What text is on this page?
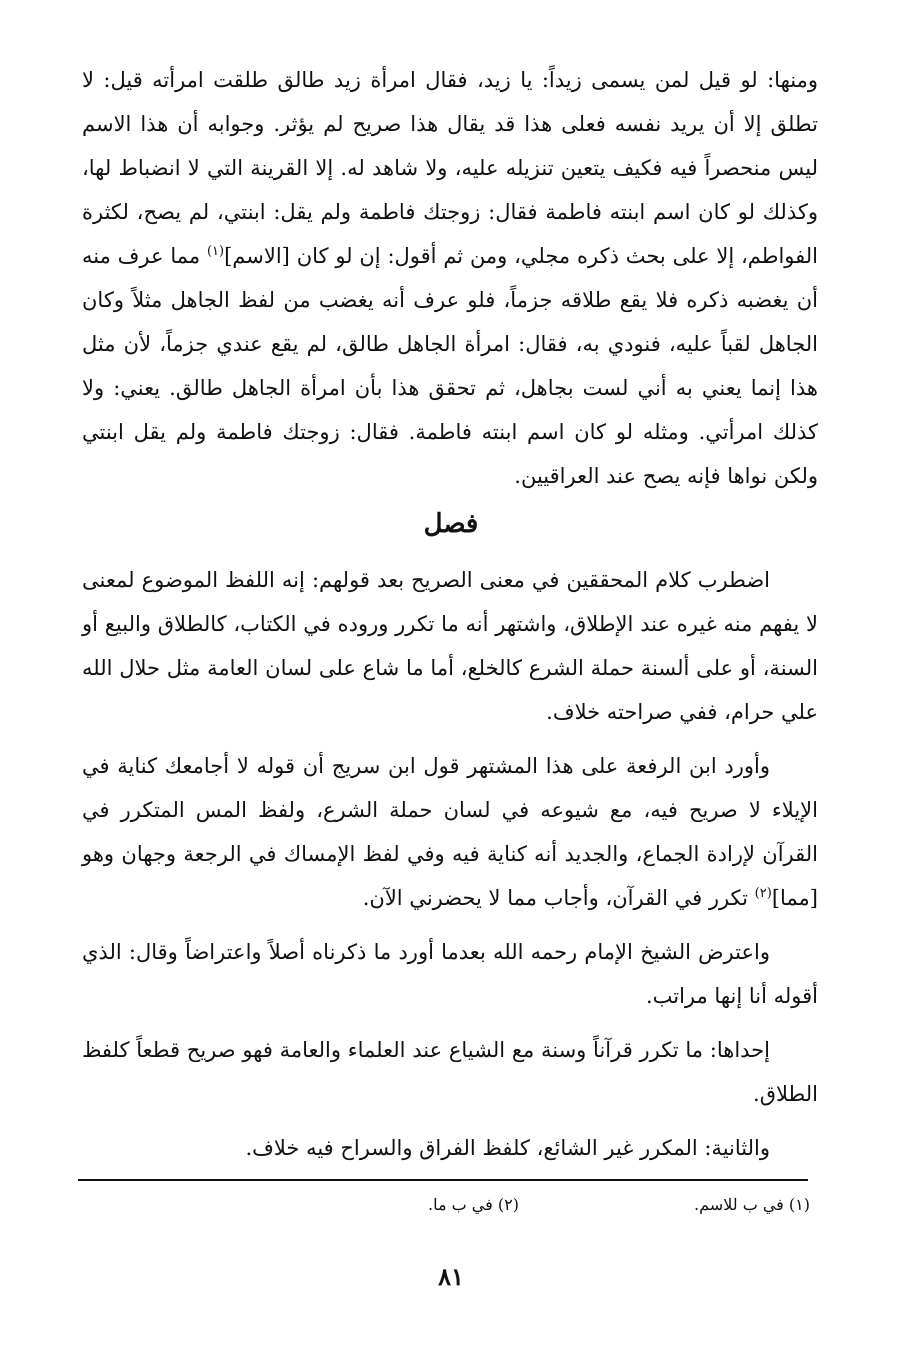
ومنها: لو قيل لمن يسمى زيداً: يا زيد، فقال امرأة زيد طالق طلقت امرأته قيل: لا تطلق إلا أن يريد نفسه فعلى هذا قد يقال هذا صريح لم يؤثر. وجوابه أن هذا الاسم ليس منحصراً فيه فكيف يتعين تنزيله عليه، ولا شاهد له. إلا القرينة التي لا انضباط لها، وكذلك لو كان اسم ابنته فاطمة فقال: زوجتك فاطمة ولم يقل: ابنتي، لم يصح، لكثرة الفواطم، إلا على بحث ذكره مجلي، ومن ثم أقول: إن لو كان [الاسم]$^{(١)}$ مما عرف منه أن يغضبه ذكره فلا يقع طلاقه جزماً، فلو عرف أنه يغضب من لفظ الجاهل مثلاً وكان الجاهل لقباً عليه، فنودي به، فقال: امرأة الجاهل طالق، لم يقع عندي جزماً، لأن مثل هذا إنما يعني به أني لست بجاهل، ثم تحقق هذا بأن امرأة الجاهل طالق. يعني: ولا كذلك امرأتي. ومثله لو كان اسم ابنته فاطمة. فقال: زوجتك فاطمة ولم يقل ابنتي ولكن نواها فإنه يصح عند العراقيين.

فصل

اضطرب كلام المحققين في معنى الصريح بعد قولهم: إنه اللفظ الموضوع لمعنى لا يفهم منه غيره عند الإطلاق، واشتهر أنه ما تكرر وروده في الكتاب، كالطلاق والبيع أو السنة، أو على ألسنة حملة الشرع كالخلع، أما ما شاع على لسان العامة مثل حلال الله علي حرام، ففي صراحته خلاف.

وأورد ابن الرفعة على هذا المشتهر قول ابن سريج أن قوله لا أجامعك كناية في الإيلاء لا صريح فيه، مع شيوعه في لسان حملة الشرع، ولفظ المس المتكرر في القرآن لإرادة الجماع، والجديد أنه كناية فيه وفي لفظ الإمساك في الرجعة وجهان وهو [مما]$^{(٢)}$ تكرر في القرآن، وأجاب مما لا يحضرني الآن.

واعترض الشيخ الإمام رحمه الله بعدما أورد ما ذكرناه أصلاً واعتراضاً وقال: الذي أقوله أنا إنها مراتب.

إحداها: ما تكرر قرآناً وسنة مع الشياع عند العلماء والعامة فهو صريح قطعاً كلفظ الطلاق.

والثانية: المكرر غير الشائع، كلفظ الفراق والسراح فيه خلاف.

(١) في ب للاسم. (٢) في ب ما.
٨١
